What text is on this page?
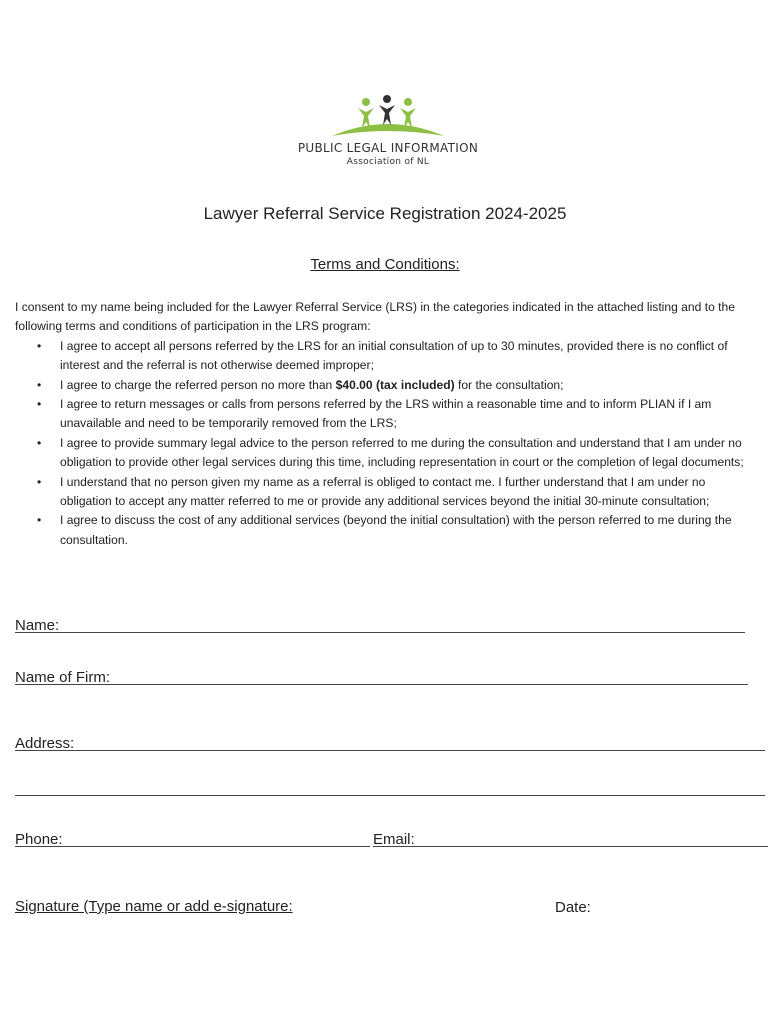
PUBLIC LEGAL INFORMATION
Association of NL
Lawyer Referral Service Registration 2024-2025
Terms and Conditions:

I consent to my name being included for the Lawyer Referral Service (LRS) in the categories indicated in the attached listing and to the following terms and conditions of participation in the LRS program:

• I agree to accept all persons referred by the LRS for an initial consultation of up to 30 minutes, provided there is no conflict of interest and the referral is not otherwise deemed improper;
• I agree to charge the referred person no more than $40.00 (tax included) for the consultation;
• I agree to return messages or calls from persons referred by the LRS within a reasonable time and to inform PLIAN if I am unavailable and need to be temporarily removed from the LRS;
• I agree to provide summary legal advice to the person referred to me during the consultation and understand that I am under no obligation to provide other legal services during this time, including representation in court or the completion of legal documents;
• I understand that no person given my name as a referral is obliged to contact me. I further understand that I am under no obligation to accept any matter referred to me or provide any additional services beyond the initial 30-minute consultation;
• I agree to discuss the cost of any additional services (beyond the initial consultation) with the person referred to me during the consultation.
Name:
Name of Firm:
Address:
Phone:	Email:
Signature (Type name or add e-signature:	Date:
